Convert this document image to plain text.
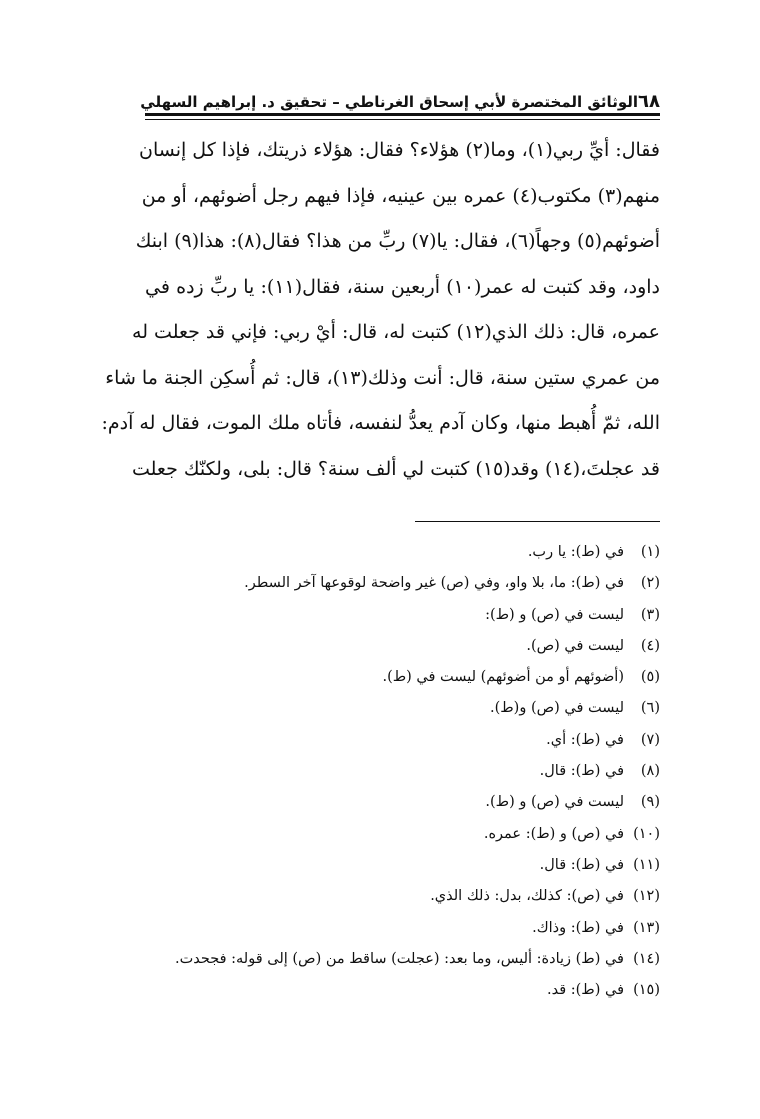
٦٨
الوثائق المختصرة لأبي إسحاق الغرناطي – تحقيق د. إبراهيم السهلي
فقال: أيِّ ربي(١)، وما(٢) هؤلاء؟ فقال: هؤلاء ذريتك، فإذا كل إنسان
منهم(٣) مكتوب(٤) عمره بين عينيه، فإذا فيهم رجل أضوئهم، أو من
أضوئهم(٥) وجهاً(٦)، فقال: يا(٧) ربِّ من هذا؟ فقال(٨): هذا(٩) ابنك
داود، وقد كتبت له عمر(١٠) أربعين سنة، فقال(١١): يا ربِّ زده في
عمره، قال: ذلك الذي(١٢) كتبت له، قال: أيْ ربي: فإني قد جعلت له
من عمري ستين سنة، قال: أنت وذلك(١٣)، قال: ثم أُسكِن الجنة ما شاء
الله، ثمّ أُهبط منها، وكان آدم يعدُّ لنفسه، فأتاه ملك الموت، فقال له آدم:
قد عجلتَ،(١٤) وقد(١٥) كتبت لي ألف سنة؟ قال: بلى، ولكنّك جعلت
(١)
في (ط): يا رب.
(٢)
في (ط): ما، بلا واو، وفي (ص) غير واضحة لوقوعها آخر السطر.
(٣)
ليست في (ص) و (ط):
(٤)
ليست في (ص).
(٥)
(أضوئهم أو من أضوئهم) ليست في (ط).
(٦)
ليست في (ص) و(ط).
(٧)
في (ط): أي.
(٨)
في (ط): قال.
(٩)
ليست في (ص) و (ط).
(١٠)
في (ص) و (ط): عمره.
(١١)
في (ط): قال.
(١٢)
في (ص): كذلك، بدل: ذلك الذي.
(١٣)
في (ط): وذاك.
(١٤)
في (ط) زيادة: أليس، وما بعد: (عجلت) ساقط من (ص) إلى قوله: فجحدت.
(١٥)
في (ط): قد.
